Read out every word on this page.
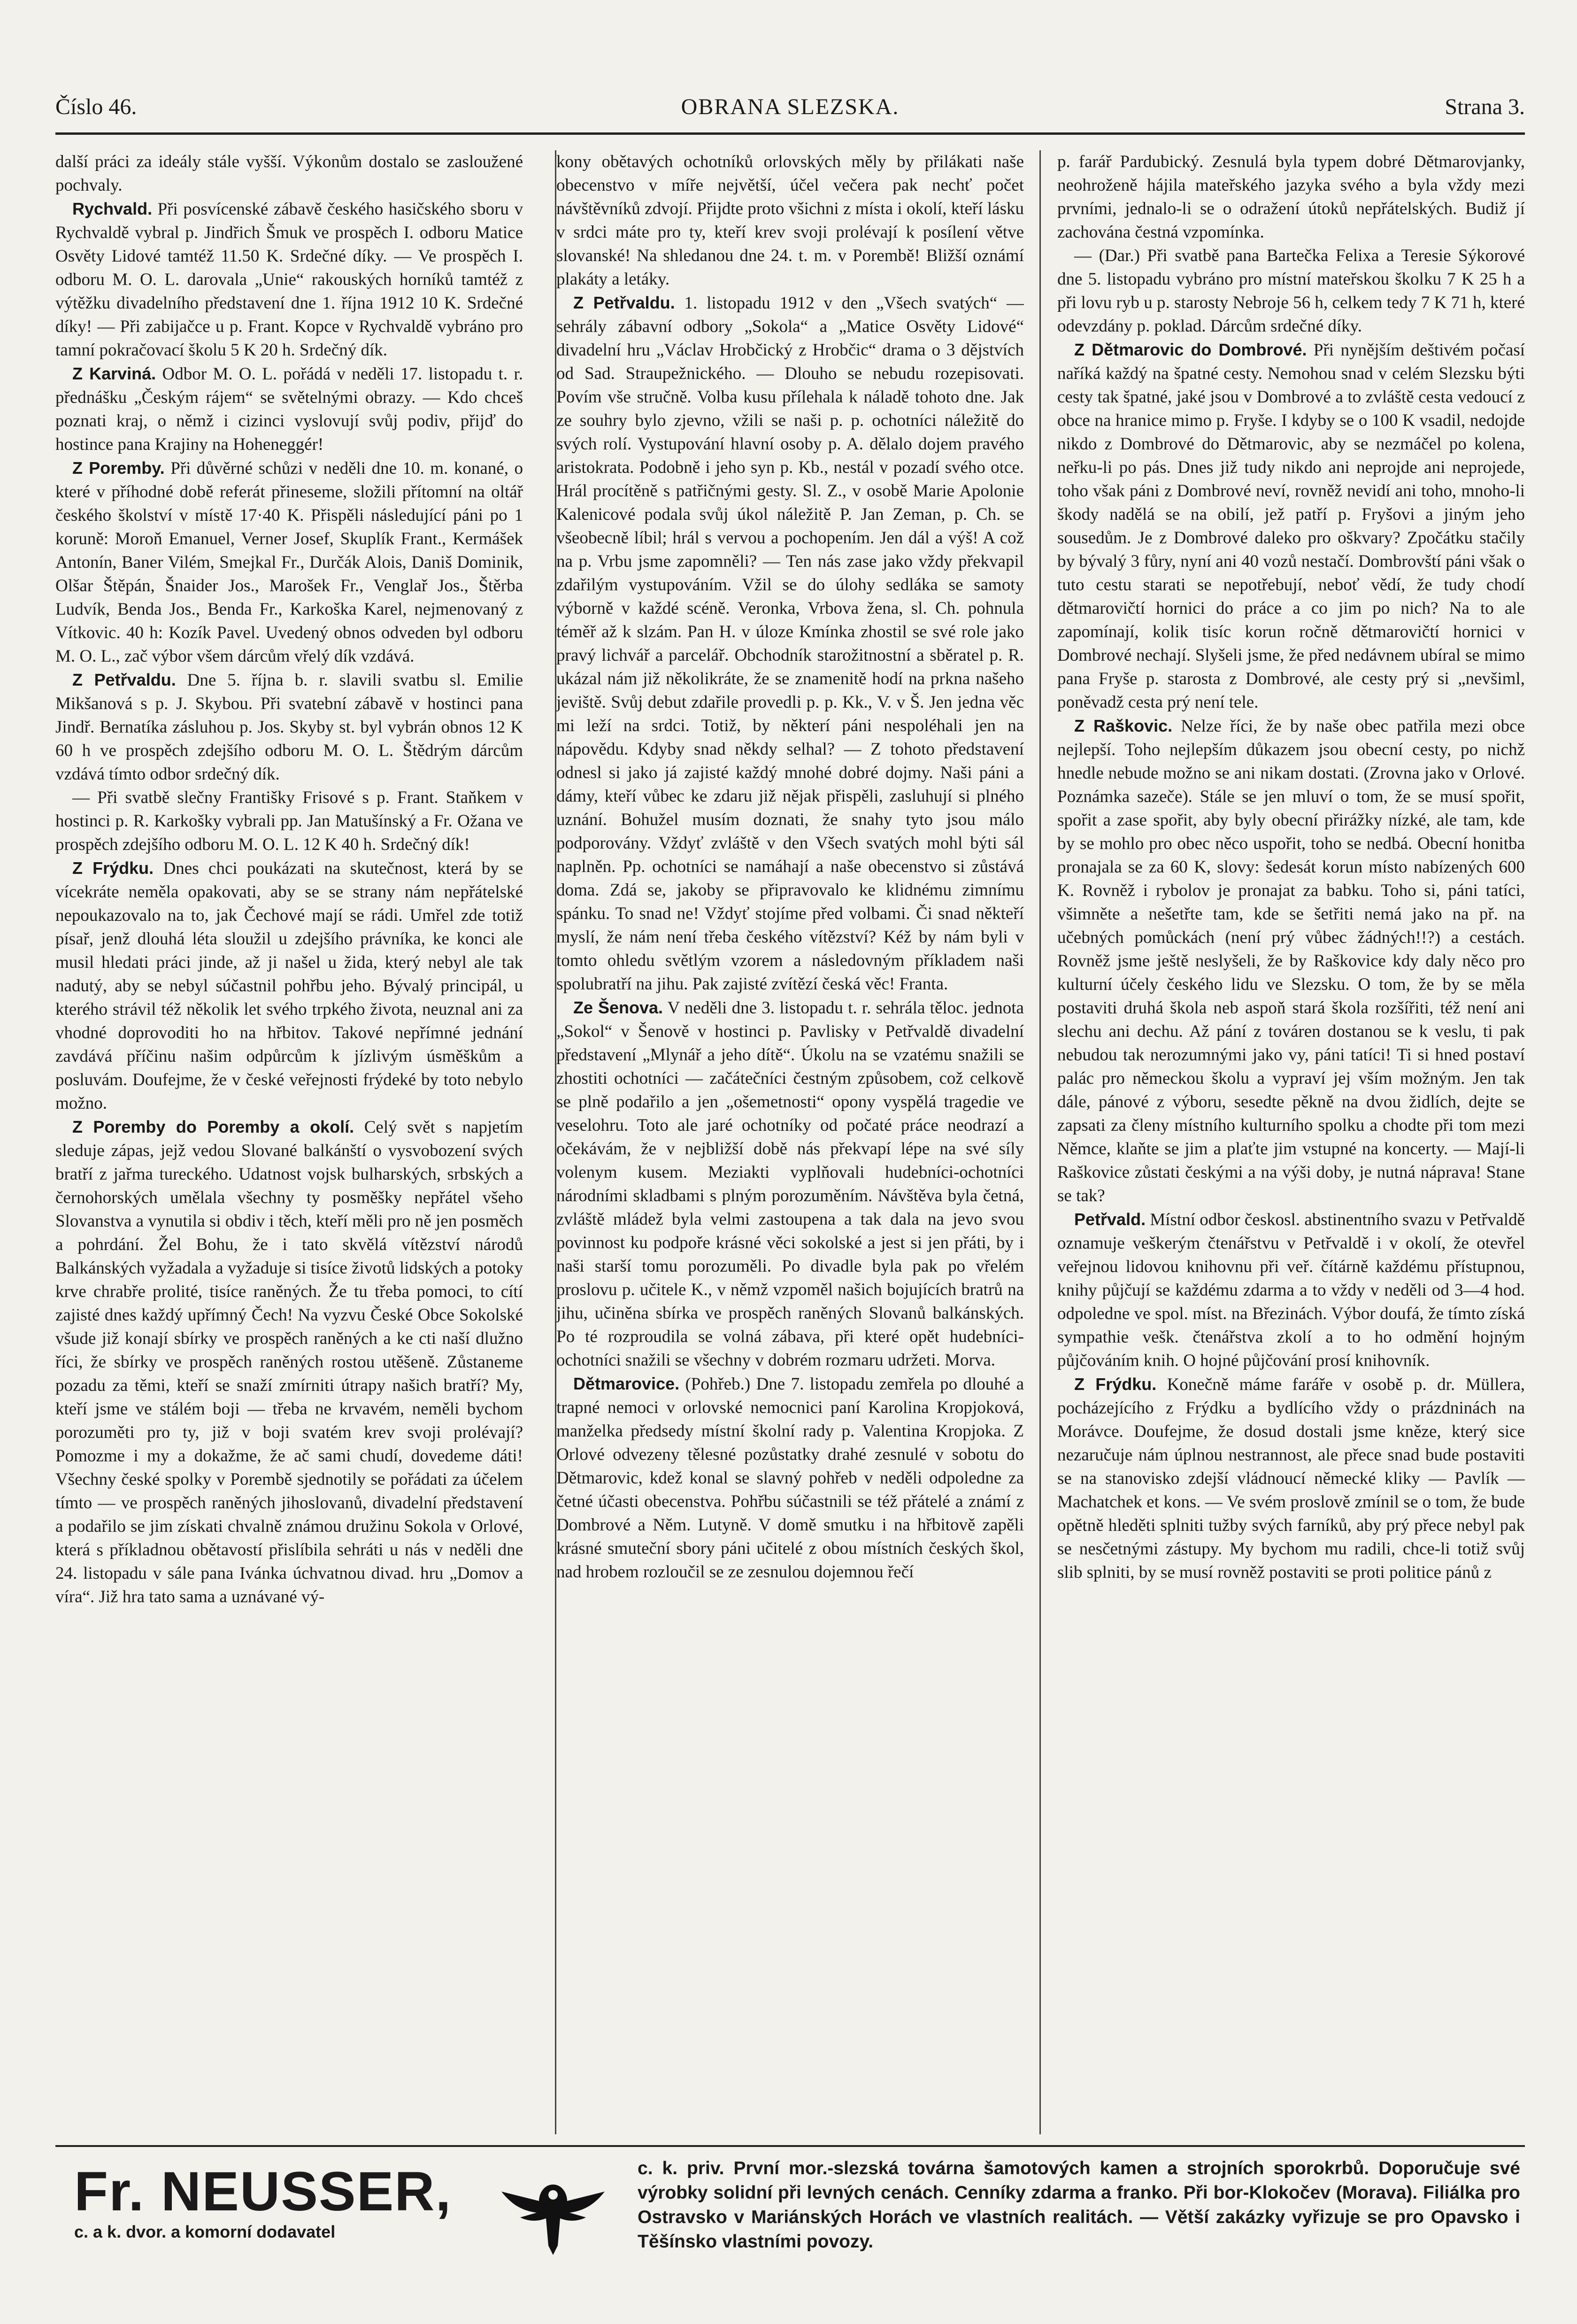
Číslo 46.	OBRANA SLEZSKA.	Strana 3.

další práci za ideály stále vyšší. Výkonům dostalo se zasloužené pochvaly.

Rychvald. Při posvícenské zábavě českého hasičského sboru v Rychvaldě vybral p. Jindřich Šmuk ve prospěch I. odboru Matice Osvěty Lidové tamtéž 11.50 K. Srdečné díky. — Ve prospěch I. odboru M. O. L. darovala „Unie“ rakouských horníků tamtéž z výtěžku divadelního představení dne 1. října 1912 10 K. Srdečné díky! — Při zabijačce u p. Frant. Kopce v Rychvaldě vybráno pro tamní pokračovací školu 5 K 20 h. Srdečný dík.

Z Karviná. Odbor M. O. L. pořádá v neděli 17. listopadu t. r. přednášku „Českým rájem“ se světelnými obrazy. — Kdo chceš poznati kraj, o němž i cizinci vyslovují svůj podiv, přijď do hostince pana Krajiny na Hoheneggér!

Z Poremby. Při důvěrné schůzi v neděli dne 10. m. konané, o které v příhodné době referát přineseme, složili přítomní na oltář českého školství v místě 17·40 K. Přispěli následující páni po 1 koruně: Moroň Emanuel, Verner Josef, Skuplík Frant., Kermášek Antonín, Baner Vilém, Smejkal Fr., Durčák Alois, Daniš Dominik, Olšar Štěpán, Šnaider Jos., Marošek Fr., Venglař Jos., Štěrba Ludvík, Benda Jos., Benda Fr., Karkoška Karel, nejmenovaný z Vítkovic. 40 h: Kozík Pavel. Uvedený obnos odveden byl odboru M. O. L., zač výbor všem dárcům vřelý dík vzdává.

Z Petřvaldu. Dne 5. října b. r. slavili svatbu sl. Emilie Mikšanová s p. J. Skybou. Při svatební zábavě v hostinci pana Jindř. Bernatíka zásluhou p. Jos. Skyby st. byl vybrán obnos 12 K 60 h ve prospěch zdejšího odboru M. O. L. Štědrým dárcům vzdává tímto odbor srdečný dík.

— Při svatbě slečny Františky Frisové s p. Frant. Staňkem v hostinci p. R. Karkošky vybrali pp. Jan Matušínský a Fr. Ožana ve prospěch zdejšího odboru M. O. L. 12 K 40 h. Srdečný dík!

Z Frýdku. Dnes chci poukázati na skutečnost, která by se vícekráte neměla opakovati, aby se se strany nám nepřátelské nepoukazovalo na to, jak Čechové mají se rádi. Umřel zde totiž písař, jenž dlouhá léta sloužil u zdejšího právníka, ke konci ale musil hledati práci jinde, až ji našel u žida, který nebyl ale tak nadutý, aby se nebyl súčastnil pohřbu jeho. Bývalý principál, u kterého strávil též několik let svého trpkého života, neuznal ani za vhodné doprovoditi ho na hřbitov. Takové nepřímné jednání zavdává příčinu našim odpůrcům k jízlivým úsměškům a posluvám. Doufejme, že v české veřejnosti frýdeké by toto nebylo možno.

Z Poremby do Poremby a okolí. Celý svět s napjetím sleduje zápas, jejž vedou Slované balkánští o vysvobození svých bratří z jařma tureckého. Udatnost vojsk bulharských, srbských a černohorských umělala všechny ty posměšky nepřátel všeho Slovanstva a vynutila si obdiv i těch, kteří měli pro ně jen posměch a pohrdání. Žel Bohu, že i tato skvělá vítězství národů Balkánských vyžadala a vyžaduje si tisíce životů lidských a potoky krve chrabře prolité, tisíce raněných. Že tu třeba pomoci, to cítí zajisté dnes každý upřímný Čech! Na vyzvu České Obce Sokolské všude již konají sbírky ve prospěch raněných a ke cti naší dlužno říci, že sbírky ve prospěch raněných rostou utěšeně. Zůstaneme pozadu za těmi, kteří se snaží zmírniti útrapy našich bratří? My, kteří jsme ve stálém boji — třeba ne krvavém, neměli bychom porozuměti pro ty, již v boji svatém krev svoji prolévají? Pomozme i my a dokažme, že ač sami chudí, dovedeme dáti! Všechny české spolky v Porembě sjednotily se pořádati za účelem tímto — ve prospěch raněných jihoslovanů, divadelní představení a podařilo se jim získati chvalně známou družinu Sokola v Orlové, která s příkladnou obětavostí přislíbila sehráti u nás v neděli dne 24. listopadu v sále pana Ivánka úchvatnou divad. hru „Domov a víra“. Již hra tato sama a uznávané vý-

kony obětavých ochotníků orlovských měly by přilákati naše obecenstvo v míře největší, účel večera pak nechť počet návštěvníků zdvojí. Přijdte proto všichni z místa i okolí, kteří lásku v srdci máte pro ty, kteří krev svoji prolévají k posílení větve slovanské! Na shledanou dne 24. t. m. v Porembě! Bližší oznámí plakáty a letáky.

Z Petřvaldu. 1. listopadu 1912 v den „Všech svatých“ — sehrály zábavní odbory „Sokola“ a „Matice Osvěty Lidové“ divadelní hru „Václav Hrobčický z Hrobčic“ drama o 3 dějstvích od Sad. Straupežnického. — Dlouho se nebudu rozepisovati. Povím vše stručně. Volba kusu přílehala k náladě tohoto dne. Jak ze souhry bylo zjevno, vžili se naši p. p. ochotníci náležitě do svých rolí. Vystupování hlavní osoby p. A. dělalo dojem pravého aristokrata. Podobně i jeho syn p. Kb., nestál v pozadí svého otce. Hrál procítěně s patřičnými gesty. Sl. Z., v osobě Marie Apolonie Kalenicové podala svůj úkol náležitě P. Jan Zeman, p. Ch. se všeobecně líbil; hrál s vervou a pochopením. Jen dál a výš! A což na p. Vrbu jsme zapomněli? — Ten nás zase jako vždy překvapil zdařilým vystupováním. Vžil se do úlohy sedláka se samoty výborně v každé scéně. Veronka, Vrbova žena, sl. Ch. pohnula téměř až k slzám. Pan H. v úloze Kmínka zhostil se své role jako pravý lichvář a parcelář. Obchodník starožitnostní a sběratel p. R. ukázal nám již několikráte, že se znamenitě hodí na prkna našeho jeviště. Svůj debut zdařile provedli p. p. Kk., V. v Š. Jen jedna věc mi leží na srdci. Totiž, by některí páni nespoléhali jen na nápovědu. Kdyby snad někdy selhal? — Z tohoto představení odnesl si jako já zajisté každý mnohé dobré dojmy. Naši páni a dámy, kteří vůbec ke zdaru již nějak přispěli, zasluhují si plného uznání. Bohužel musím doznati, že snahy tyto jsou málo podporovány. Vždyť zvláště v den Všech svatých mohl býti sál naplněn. Pp. ochotníci se namáhají a naše obecenstvo si zůstává doma. Zdá se, jakoby se připravovalo ke klidnému zimnímu spánku. To snad ne! Vždyť stojíme před volbami. Či snad někteří myslí, že nám není třeba českého vítězství? Kéž by nám byli v tomto ohledu světlým vzorem a následovným příkladem naši spolubratří na jihu. Pak zajisté zvítězí česká věc! Franta.

Ze Šenova. V neděli dne 3. listopadu t. r. sehrála těloc. jednota „Sokol“ v Šenově v hostinci p. Pavlisky v Petřvaldě divadelní představení „Mlynář a jeho dítě“. Úkolu na se vzatému snažili se zhostiti ochotníci — začátečníci čestným způsobem, což celkově se plně podařilo a jen „ošemetnosti“ opony vyspělá tragedie ve veselohru. Toto ale jaré ochotníky od počaté práce neodrazí a očekávám, že v nejbližší době nás překvapí lépe na své síly volenym kusem. Meziakti vyplňovali hudebníci-ochotníci národními skladbami s plným porozuměním. Návštěva byla četná, zvláště mládež byla velmi zastoupena a tak dala na jevo svou povinnost ku podpoře krásné věci sokolské a jest si jen přáti, by i naši starší tomu porozuměli. Po divadle byla pak po vřelém proslovu p. učitele K., v němž vzpoměl našich bojujících bratrů na jihu, učiněna sbírka ve prospěch raněných Slovanů balkánských. Po té rozproudila se volná zábava, při které opět hudebníci-ochotníci snažili se všechny v dobrém rozmaru udržeti. Morva.

Dětmarovice. (Pohřeb.) Dne 7. listopadu zemřela po dlouhé a trapné nemoci v orlovské nemocnici paní Karolina Kropjoková, manželka předsedy místní školní rady p. Valentina Kropjoka. Z Orlové odvezeny tělesné pozůstatky drahé zesnulé v sobotu do Dětmarovic, kdež konal se slavný pohřeb v neděli odpoledne za četné účasti obecenstva. Pohřbu súčastnili se též přátelé a známí z Dombrové a Něm. Lutyně. V domě smutku i na hřbitově zapěli krásné smuteční sbory páni učitelé z obou místních českých škol, nad hrobem rozloučil se ze zesnulou dojemnou řečí

p. farář Pardubický. Zesnulá byla typem dobré Dětmarovjanky, neohroženě hájila mateřského jazyka svého a byla vždy mezi prvními, jednalo-li se o odražení útoků nepřátelských. Budiž jí zachována čestná vzpomínka.

— (Dar.) Při svatbě pana Bartečka Felixa a Teresie Sýkorové dne 5. listopadu vybráno pro místní mateřskou školku 7 K 25 h a při lovu ryb u p. starosty Nebroje 56 h, celkem tedy 7 K 71 h, které odevzdány p. poklad. Dárcům srdečné díky.

Z Dětmarovic do Dombrové. Při nynějším deštivém počasí naříká každý na špatné cesty. Nemohou snad v celém Slezsku býti cesty tak špatné, jaké jsou v Dombrové a to zvláště cesta vedoucí z obce na hranice mimo p. Fryše. I kdyby se o 100 K vsadil, nedojde nikdo z Dombrové do Dětmarovic, aby se nezmáčel po kolena, neřku-li po pás. Dnes již tudy nikdo ani neprojde ani neprojede, toho však páni z Dombrové neví, rovněž nevidí ani toho, mnoho-li škody nadělá se na obilí, jež patří p. Fryšovi a jiným jeho sousedům. Je z Dombrové daleko pro oškvary? Zpočátku stačily by bývalý 3 fůry, nyní ani 40 vozů nestačí. Dombrovští páni však o tuto cestu starati se nepotřebují, neboť vědí, že tudy chodí dětmarovičtí hornici do práce a co jim po nich? Na to ale zapomínají, kolik tisíc korun ročně dětmarovičtí hornici v Dombrové nechají. Slyšeli jsme, že před nedávnem ubíral se mimo pana Fryše p. starosta z Dombrové, ale cesty prý si „nevšiml, poněvadž cesta prý není tele.

Z Raškovic. Nelze říci, že by naše obec patřila mezi obce nejlepší. Toho nejlepším důkazem jsou obecní cesty, po nichž hnedle nebude možno se ani nikam dostati. (Zrovna jako v Orlové. Poznámka sazeče). Stále se jen mluví o tom, že se musí spořit, spořit a zase spořit, aby byly obecní přirážky nízké, ale tam, kde by se mohlo pro obec něco uspořit, toho se nedbá. Obecní honitba pronajala se za 60 K, slovy: šedesát korun místo nabízených 600 K. Rovněž i rybolov je pronajat za babku. Toho si, páni tatíci, všimněte a nešetřte tam, kde se šetřiti nemá jako na př. na učebných pomůckách (není prý vůbec žádných!!?) a cestách. Rovněž jsme ještě neslyšeli, že by Raškovice kdy daly něco pro kulturní účely českého lidu ve Slezsku. O tom, že by se měla postaviti druhá škola neb aspoň stará škola rozšířiti, též není ani slechu ani dechu. Až pání z továren dostanou se k veslu, ti pak nebudou tak nerozumnými jako vy, páni tatíci! Ti si hned postaví palác pro německou školu a vypraví jej vším možným. Jen tak dále, pánové z výboru, sesedte pěkně na dvou židlích, dejte se zapsati za členy místního kulturního spolku a chodte při tom mezi Němce, klaňte se jim a plaťte jim vstupné na koncerty. — Mají-li Raškovice zůstati českými a na výši doby, je nutná náprava! Stane se tak?

Petřvald. Místní odbor českosl. abstinentního svazu v Petřvaldě oznamuje veškerým čtenářstvu v Petřvaldě i v okolí, že otevřel veřejnou lidovou knihovnu při veř. čítárně každému přístupnou, knihy půjčují se každému zdarma a to vždy v neděli od 3—4 hod. odpoledne ve spol. míst. na Březinách. Výbor doufá, že tímto získá sympathie vešk. čtenářstva zkolí a to ho odmění hojným půjčováním knih. O hojné půjčování prosí knihovník.

Z Frýdku. Konečně máme faráře v osobě p. dr. Müllera, pocházejícího z Frýdku a bydlícího vždy o prázdninách na Morávce. Doufejme, že dosud dostali jsme kněze, který sice nezaručuje nám úplnou nestrannost, ale přece snad bude postaviti se na stanovisko zdejší vládnoucí německé kliky — Pavlík — Machatchek et kons. — Ve svém proslově zmínil se o tom, že bude opětně hleděti splniti tužby svých farníků, aby prý přece nebyl pak se nesčetnými zástupy. My bychom mu radili, chce-li totiž svůj slib splniti, by se musí rovněž postaviti se proti politice pánů z

Fr. NEUSSER,
c. a k. dvor. a komorní dodavatel
c. k. priv. První mor.-slezská továrna šamotových kamen a strojních sporokrbů. Doporučuje své výrobky solidní při levných cenách. Cenníky zdarma a franko. Při bor-Klokočev (Morava). Filiálka pro Ostravsko v Mariánských Horách ve vlastních realitách. — Větší zakázky vyřizuje se pro Opavsko i Těšínsko vlastními povozy.
